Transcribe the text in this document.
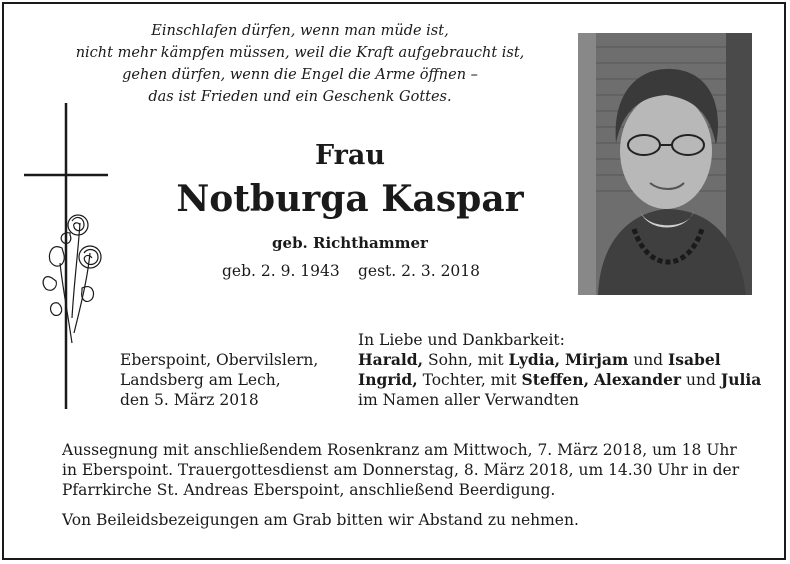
Einschlafen dürfen, wenn man müde ist,
nicht mehr kämpfen müssen, weil die Kraft aufgebraucht ist,
gehen dürfen, wenn die Engel die Arme öffnen –
das ist Frieden und ein Geschenk Gottes.
Frau
Notburga Kaspar
geb. Richthammer
geb. 2. 9. 1943 gest. 2. 3. 2018
Eberspoint, Obervilslern,
Landsberg am Lech,
den 5. März 2018
In Liebe und Dankbarkeit:
Harald, Sohn, mit Lydia, Mirjam und Isabel
Ingrid, Tochter, mit Steffen, Alexander und Julia
im Namen aller Verwandten
Aussegnung mit anschließendem Rosenkranz am Mittwoch, 7. März 2018, um 18 Uhr
in Eberspoint. Trauergottesdienst am Donnerstag, 8. März 2018, um 14.30 Uhr in der
Pfarrkirche St. Andreas Eberspoint, anschließend Beerdigung.
Von Beileidsbezeigungen am Grab bitten wir Abstand zu nehmen.
